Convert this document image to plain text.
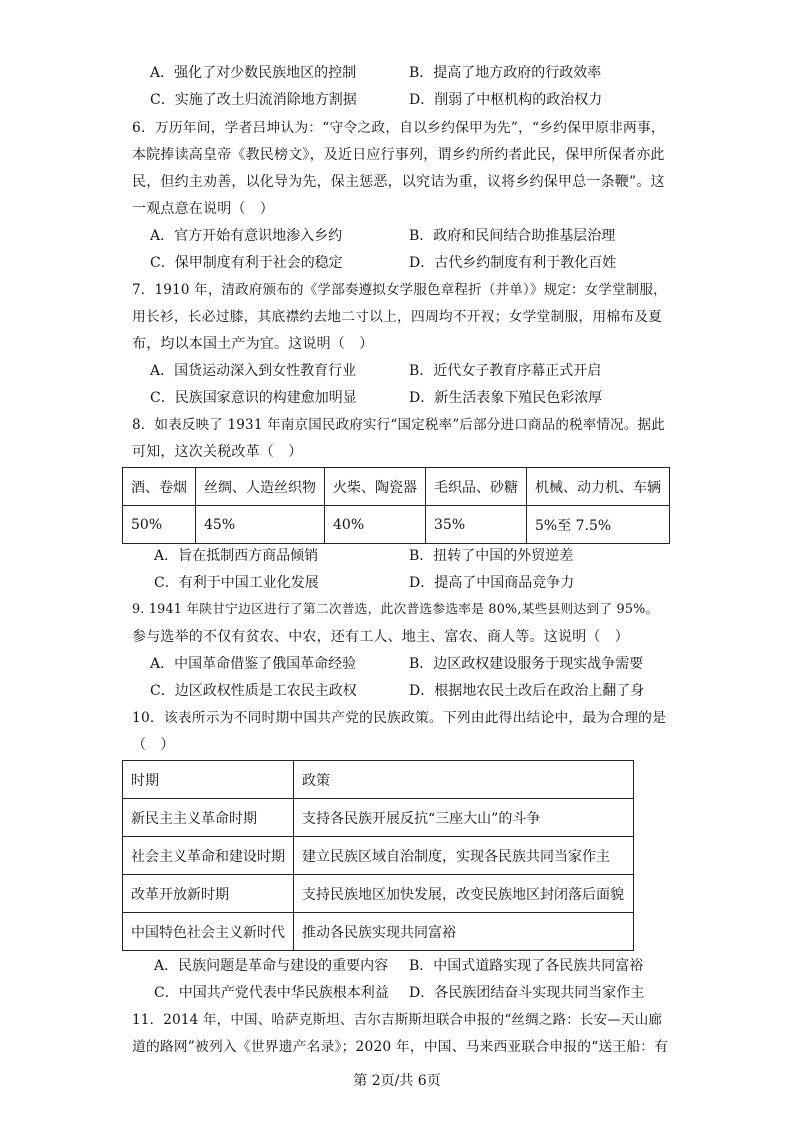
A．强化了对少数民族地区的控制	B．提高了地方政府的行政效率
C．实施了改土归流消除地方割据	D．削弱了中枢机构的政治权力
6．万历年间，学者吕坤认为：“守令之政，自以乡约保甲为先”，“乡约保甲原非两事，
本院捧读高皇帝《教民榜文》，及近日应行事列，谓乡约所约者此民，保甲所保者亦此
民，但约主劝善，以化导为先，保主惩恶，以究诘为重，议将乡约保甲总一条鞭”。这
一观点意在说明（　）
A．官方开始有意识地渗入乡约	B．政府和民间结合助推基层治理
C．保甲制度有利于社会的稳定	D．古代乡约制度有利于教化百姓
7．1910 年，清政府颁布的《学部奏遵拟女学服色章程折（并单）》规定：女学堂制服，
用长衫，长必过膝，其底襟约去地二寸以上，四周均不开衩；女学堂制服，用棉布及夏
布，均以本国土产为宜。这说明（　）
A．国货运动深入到女性教育行业	B．近代女子教育序幕正式开启
C．民族国家意识的构建愈加明显	D．新生活表象下殖民色彩浓厚
8．如表反映了 1931 年南京国民政府实行“国定税率”后部分进口商品的税率情况。据此
可知，这次关税改革（　）
酒、卷烟	丝绸、人造丝织物	火柴、陶瓷器	毛织品、砂糖	机械、动力机、车辆
50%	45%	40%	35%	5%至 7.5%
A．旨在抵制西方商品倾销	B．扭转了中国的外贸逆差
C．有利于中国工业化发展	D．提高了中国商品竞争力
9. 1941 年陕甘宁边区进行了第二次普选，此次普选参选率是 80%,某些县则达到了 95%。
参与选举的不仅有贫农、中农，还有工人、地主、富农、商人等。这说明（　）
A．中国革命借鉴了俄国革命经验	B．边区政权建设服务于现实战争需要
C．边区政权性质是工农民主政权	D．根据地农民土改后在政治上翻了身
10．该表所示为不同时期中国共产党的民族政策。下列由此得出结论中，最为合理的是
（　）
时期	政策
新民主主义革命时期	支持各民族开展反抗“三座大山”的斗争
社会主义革命和建设时期	建立民族区域自治制度，实现各民族共同当家作主
改革开放新时期	支持民族地区加快发展，改变民族地区封闭落后面貌
中国特色社会主义新时代	推动各民族实现共同富裕
A．民族问题是革命与建设的重要内容 B．中国式道路实现了各民族共同富裕
C．中国共产党代表中华民族根本利益 D．各民族团结奋斗实现共同当家作主
11．2014 年，中国、哈萨克斯坦、吉尔吉斯斯坦联合申报的“丝绸之路：长安—天山廊
道的路网”被列入《世界遗产名录》；2020 年，中国、马来西亚联合申报的“送王船：有
第 2页/共 6页
